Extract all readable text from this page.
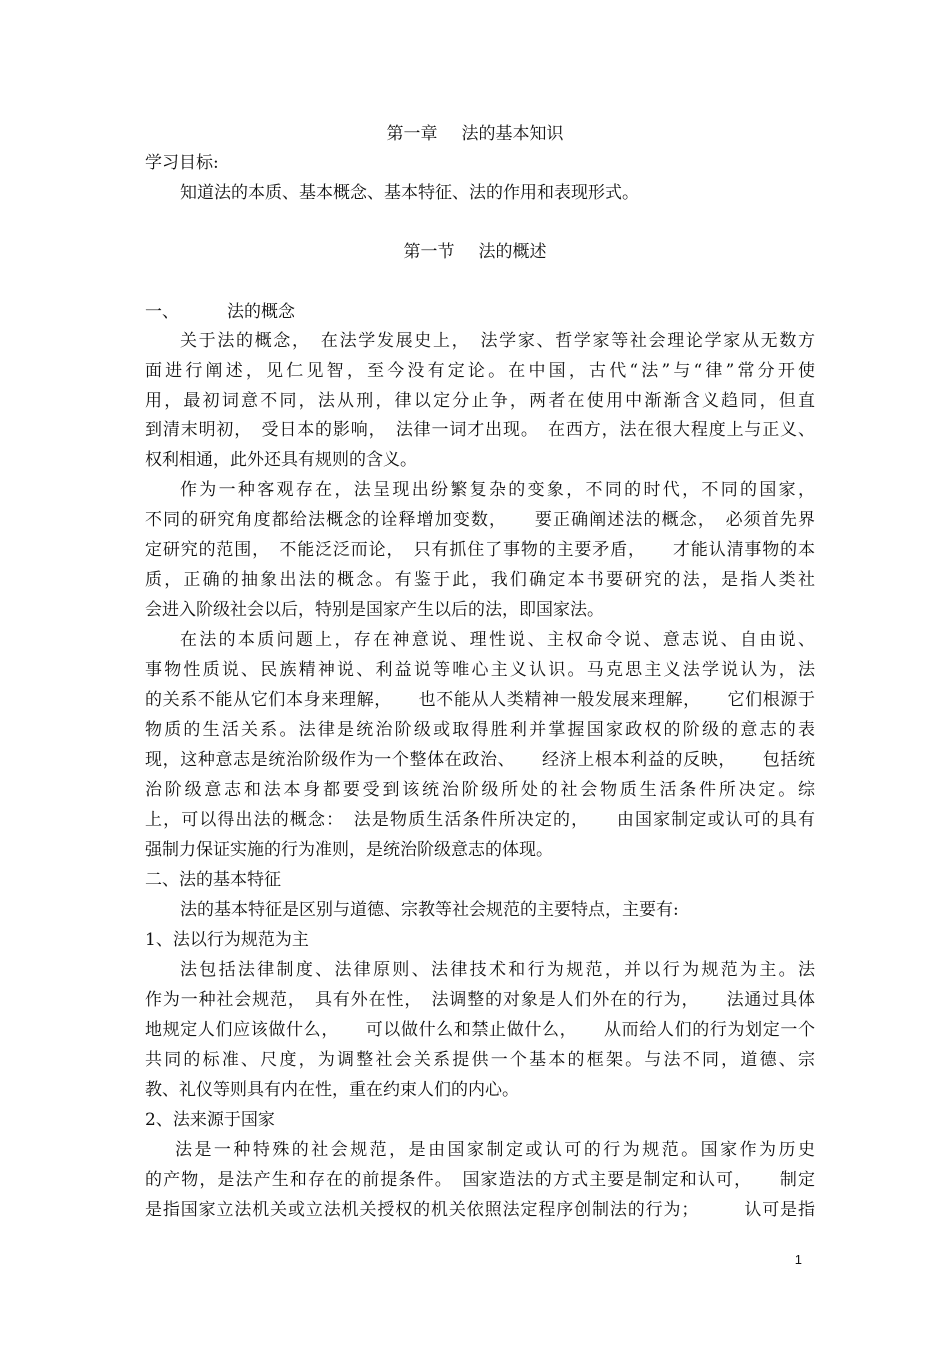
第一章 法的基本知识
学习目标:
知道法的本质、基本概念、基本特征、法的作用和表现形式。
第一节 法的概述
一、	法的概念
关于法的概念，　在法学发展史上，　法学家、哲学家等社会理论学家从无数方
面进行阐述，见仁见智，至今没有定论。在中国，古代“法”与“律”常分开使
用，最初词意不同，法从刑，律以定分止争，两者在使用中渐渐含义趋同，但直
到清末明初，　受日本的影响，　法律一词才出现。　在西方，法在很大程度上与正义、
权利相通，此外还具有规则的含义。
作为一种客观存在，法呈现出纷繁复杂的变象，不同的时代，不同的国家，
不同的研究角度都给法概念的诠释增加变数，　　要正确阐述法的概念，　必须首先界
定研究的范围，　不能泛泛而论，　只有抓住了事物的主要矛盾，　　才能认清事物的本
质，正确的抽象出法的概念。有鉴于此，我们确定本书要研究的法，是指人类社
会进入阶级社会以后，特别是国家产生以后的法，即国家法。
在法的本质问题上，存在神意说、理性说、主权命令说、意志说、自由说、
事物性质说、民族精神说、利益说等唯心主义认识。马克思主义法学说认为，法
的关系不能从它们本身来理解，　　也不能从人类精神一般发展来理解，　　它们根源于
物质的生活关系。法律是统治阶级或取得胜利并掌握国家政权的阶级的意志的表
现，这种意志是统治阶级作为一个整体在政治、　　经济上根本利益的反映，　　包括统
治阶级意志和法本身都要受到该统治阶级所处的社会物质生活条件所决定。综
上，可以得出法的概念：　法是物质生活条件所决定的，　　由国家制定或认可的具有
强制力保证实施的行为准则，是统治阶级意志的体现。
二、法的基本特征
法的基本特征是区别与道德、宗教等社会规范的主要特点，主要有:
1、法以行为规范为主
法包括法律制度、法律原则、法律技术和行为规范，并以行为规范为主。法
作为一种社会规范，　具有外在性，　法调整的对象是人们外在的行为，　　法通过具体
地规定人们应该做什么，　　可以做什么和禁止做什么，　　从而给人们的行为划定一个
共同的标准、尺度，为调整社会关系提供一个基本的框架。与法不同，道德、宗
教、礼仪等则具有内在性，重在约束人们的内心。
2、法来源于国家
法是一种特殊的社会规范，是由国家制定或认可的行为规范。国家作为历史
的产物，是法产生和存在的前提条件。　国家造法的方式主要是制定和认可，　　制定
是指国家立法机关或立法机关授权的机关依照法定程序创制法的行为；　　　认可是指
1
